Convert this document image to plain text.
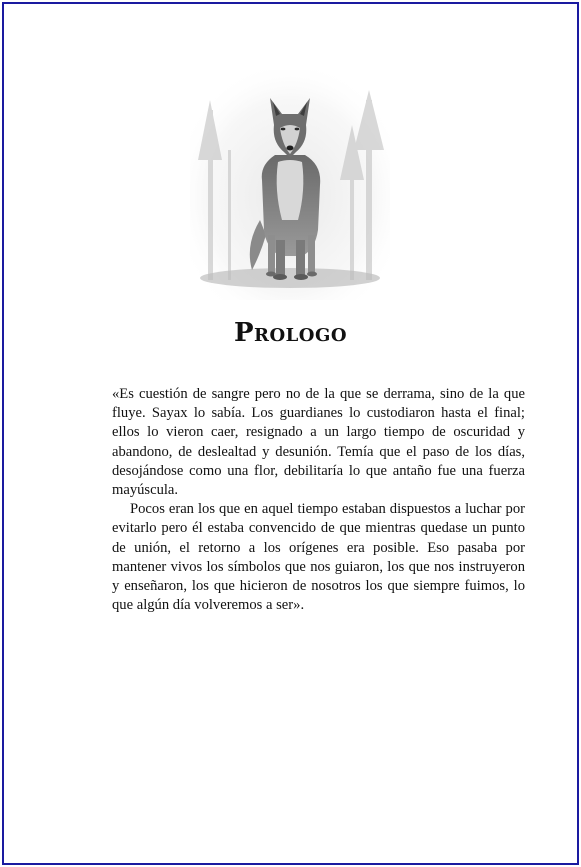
Prologo

«Es cuestión de sangre pero no de la que se derrama, sino de la que fluye. Sayax lo sabía. Los guardianes lo custodiaron hasta el final; ellos lo vieron caer, resignado a un largo tiempo de oscuridad y abandono, de deslealtad y desunión. Temía que el paso de los días, desojándose como una flor, debilitaría lo que antaño fue una fuerza mayúscula.

Pocos eran los que en aquel tiempo estaban dispuestos a luchar por evitarlo pero él estaba convencido de que mientras quedase un punto de unión, el retorno a los orígenes era posible. Eso pasaba por mantener vivos los símbolos que nos guiaron, los que nos instruyeron y enseñaron, los que hicieron de nosotros los que siempre fuimos, lo que algún día volveremos a ser».
